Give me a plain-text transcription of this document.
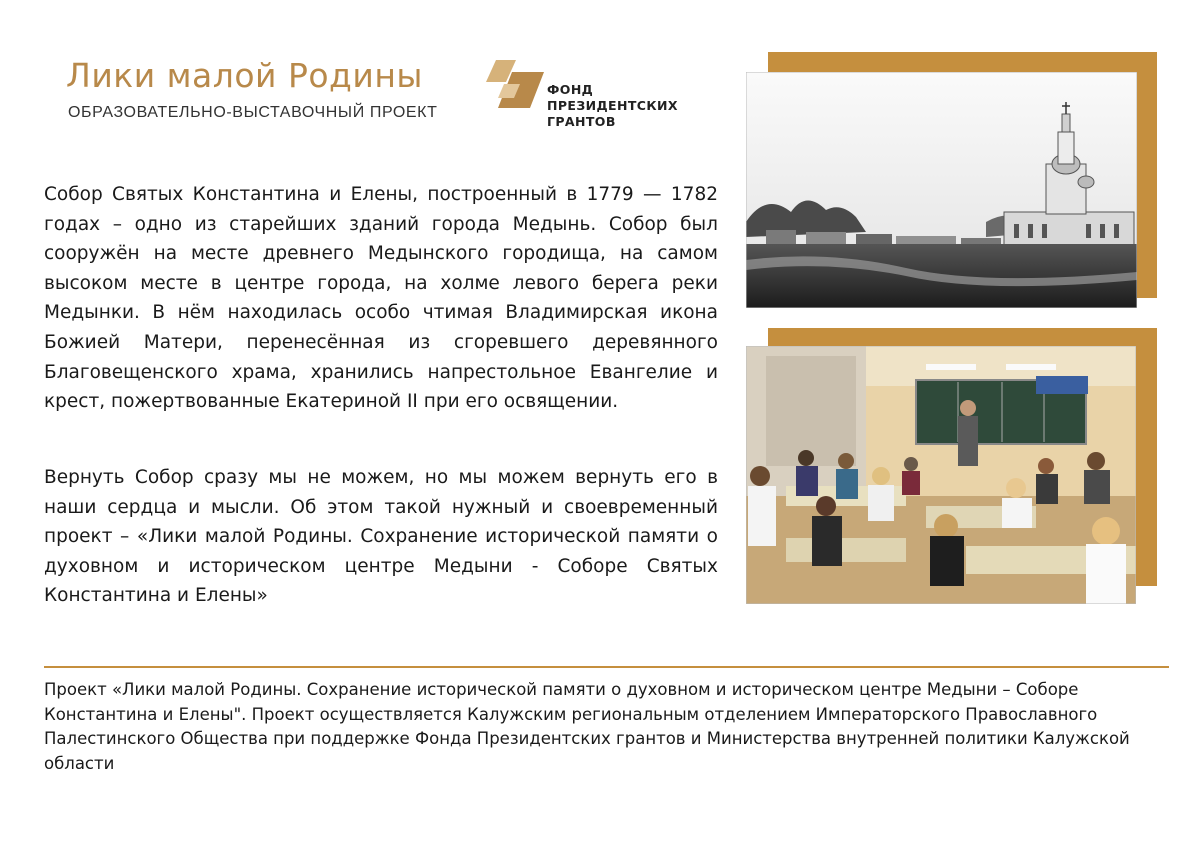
Лики малой Родины
ОБРАЗОВАТЕЛЬНО-ВЫСТАВОЧНЫЙ ПРОЕКТ
ФОНД
ПРЕЗИДЕНТСКИХ
ГРАНТОВ

Собор Святых Константина и Елены, построенный в 1779 — 1782 годах – одно из старейших зданий города Медынь. Собор был сооружён на месте древнего Медынского городища, на самом высоком месте в центре города, на холме левого берега реки Медынки. В нём находилась особо чтимая Владимирская икона Божией Матери, перенесённая из сгоревшего деревянного Благовещенского храма, хранились напрестольное Евангелие и крест, пожертвованные Екатериной II при его освящении.

Вернуть Собор сразу мы не можем, но мы можем вернуть его в наши сердца и мысли. Об этом такой нужный и своевременный проект – «Лики малой Родины. Сохранение исторической памяти о духовном и историческом центре Медыни - Соборе Святых Константина и Елены»

Проект «Лики малой Родины. Сохранение исторической памяти о духовном и историческом центре Медыни – Соборе Константина и Елены". Проект осуществляется Калужским региональным отделением Императорского Православного Палестинского Общества при поддержке Фонда Президентских грантов и Министерства внутренней политики Калужской области
